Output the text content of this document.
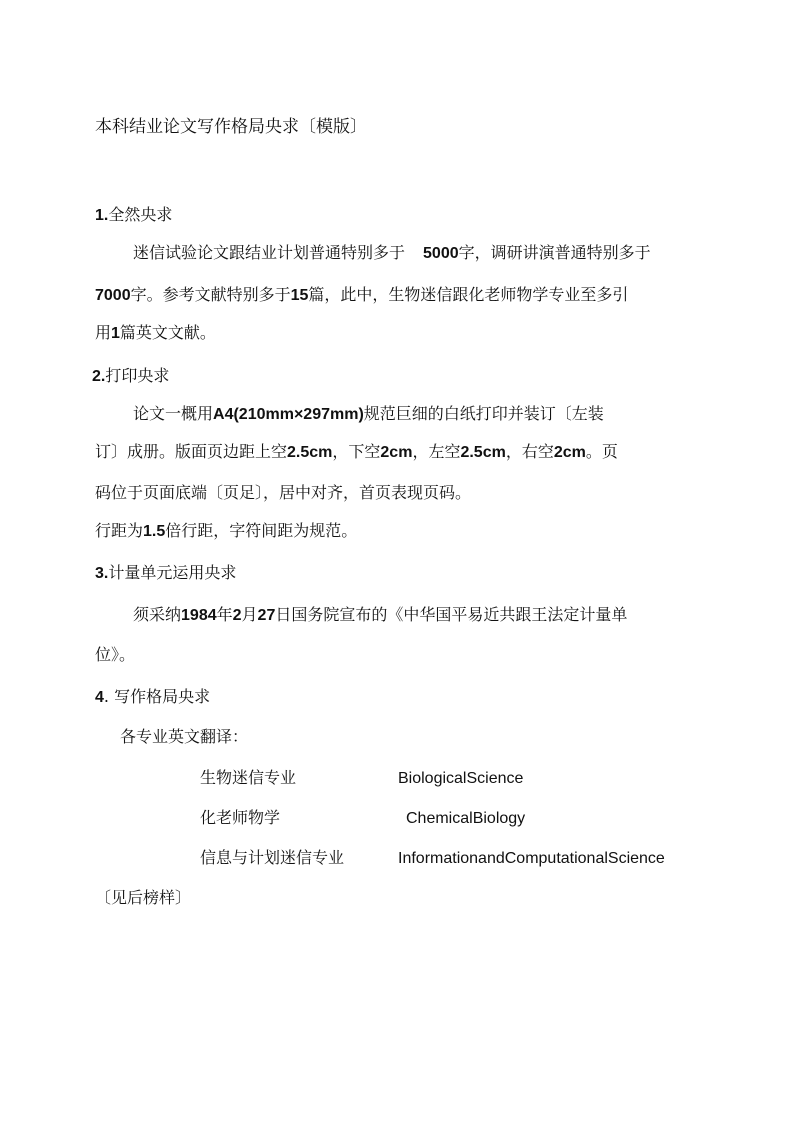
本科结业论文写作格局央求〔模版〕
1.全然央求
迷信试验论文跟结业计划普通特别多于 5000字，调研讲演普通特别多于
7000字。参考文献特别多于15篇，此中，生物迷信跟化老师物学专业至多引
用1篇英文文献。
2.打印央求
论文一概用A4(210mm×297mm)规范巨细的白纸打印并装订〔左装
订〕成册。版面页边距上空2.5cm，下空2cm，左空2.5cm，右空2cm。页
码位于页面底端〔页足〕，居中对齐，首页表现页码。
行距为1.5倍行距，字符间距为规范。
3.计量单元运用央求
须采纳1984年2月27日国务院宣布的《中华国平易近共跟王法定计量单
位》。
4. 写作格局央求
各专业英文翻译：
生物迷信专业	BiologicalScience
化老师物学	ChemicalBiology
信息与计划迷信专业	InformationandComputationalScience
〔见后榜样〕
